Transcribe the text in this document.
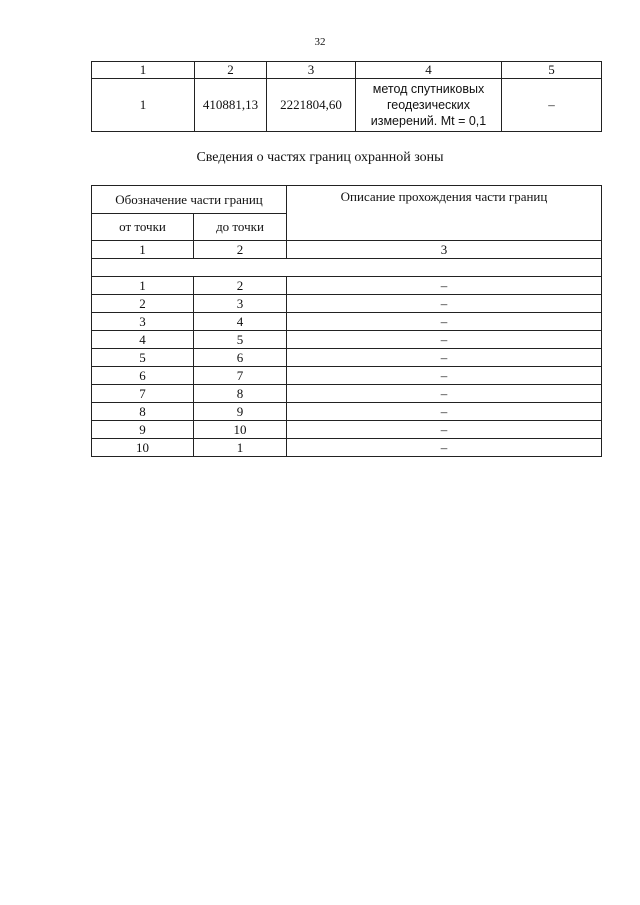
32
1	2	3	4	5
1	410881,13	2221804,60	метод спутниковых
геодезических
измерений. Mt = 0,1	–
Сведения о частях границ охранной зоны
Обозначение части границ		Описание прохождения части границ
от точки	до точки	
1	2	3

1	2	–
2	3	–
3	4	–
4	5	–
5	6	–
6	7	–
7	8	–
8	9	–
9	10	–
10	1	–
